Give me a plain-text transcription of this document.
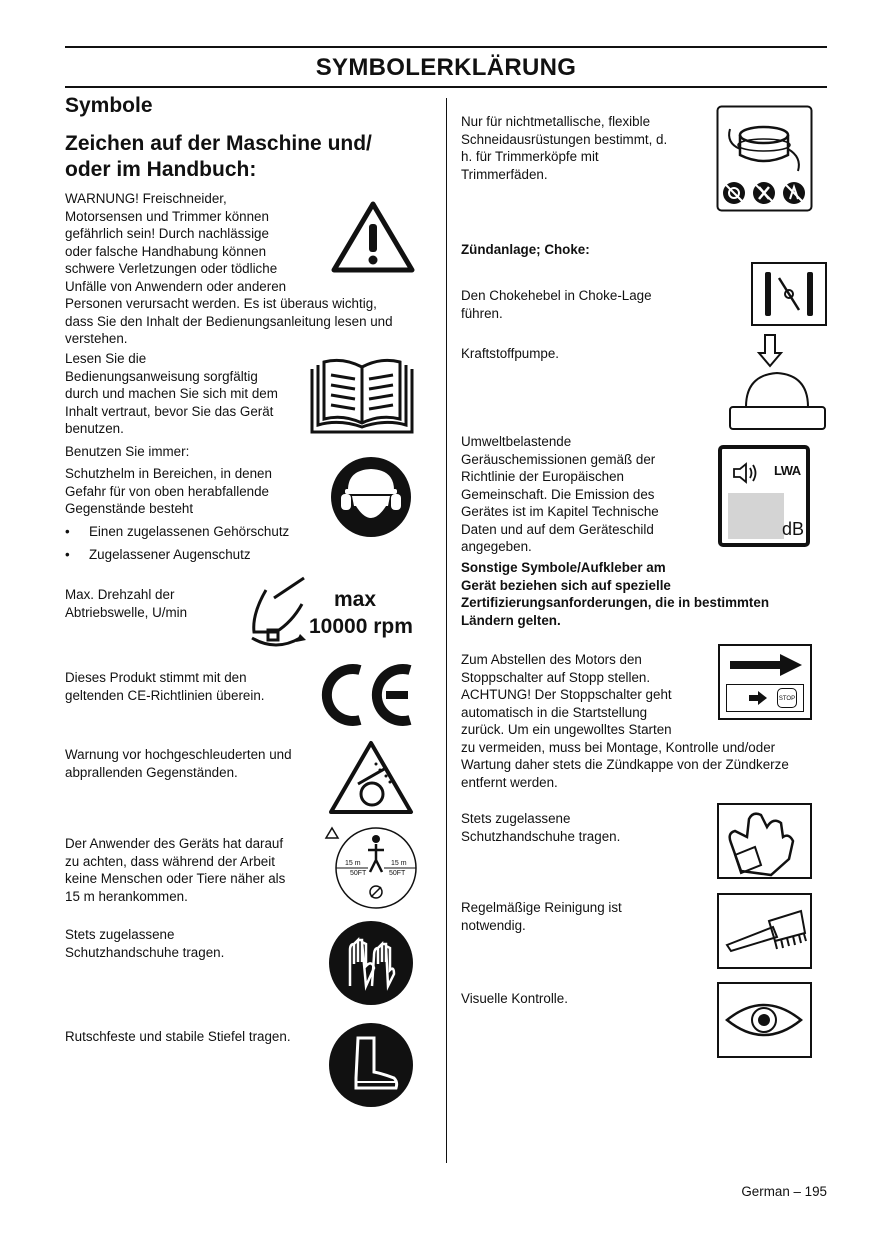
SYMBOLERKLÄRUNG
Symbole
Zeichen auf der Maschine und/
oder im Handbuch:
WARNUNG! Freischneider,
Motorsensen und Trimmer können
gefährlich sein! Durch nachlässige
oder falsche Handhabung können
schwere Verletzungen oder tödliche
Unfälle von Anwendern oder anderen
Personen verursacht werden. Es ist überaus wichtig,
dass Sie den Inhalt der Bedienungsanleitung lesen und
verstehen.
Lesen Sie die
Bedienungsanweisung sorgfältig
durch und machen Sie sich mit dem
Inhalt vertraut, bevor Sie das Gerät
benutzen.
Benutzen Sie immer:
Schutzhelm in Bereichen, in denen
Gefahr für von oben herabfallende
Gegenstände besteht
• Einen zugelassenen Gehörschutz
• Zugelassener Augenschutz
Max. Drehzahl der
Abtriebswelle, U/min
max
10000 rpm
Dieses Produkt stimmt mit den
geltenden CE-Richtlinien überein.
Warnung vor hochgeschleuderten und
abprallenden Gegenständen.
Der Anwender des Geräts hat darauf
zu achten, dass während der Arbeit
keine Menschen oder Tiere näher als
15 m herankommen.
15 m
50FT
15 m
50FT
Stets zugelassene
Schutzhandschuhe tragen.
Rutschfeste und stabile Stiefel tragen.
Nur für nichtmetallische, flexible
Schneidausrüstungen bestimmt, d.
h. für Trimmerköpfe mit
Trimmerfäden.
Zündanlage; Choke:
Den Chokehebel in Choke-Lage
führen.
Kraftstoffpumpe.
Umweltbelastende
Geräuschemissionen gemäß der
Richtlinie der Europäischen
Gemeinschaft. Die Emission des
Gerätes ist im Kapitel Technische
Daten und auf dem Geräteschild
angegeben.
LWA
dB
Sonstige Symbole/Aufkleber am
Gerät beziehen sich auf spezielle
Zertifizierungsanforderungen, die in bestimmten
Ländern gelten.
Zum Abstellen des Motors den
Stoppschalter auf Stopp stellen.
ACHTUNG! Der Stoppschalter geht
automatisch in die Startstellung
zurück. Um ein ungewolltes Starten
zu vermeiden, muss bei Montage, Kontrolle und/oder
Wartung daher stets die Zündkappe von der Zündkerze
entfernt werden.
STOP
Stets zugelassene
Schutzhandschuhe tragen.
Regelmäßige Reinigung ist
notwendig.
Visuelle Kontrolle.
German – 195
